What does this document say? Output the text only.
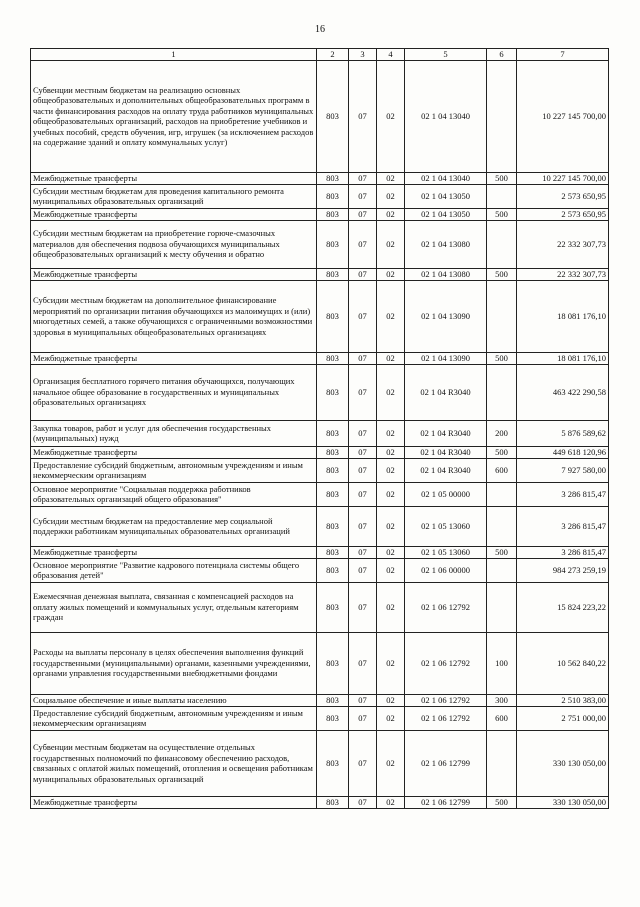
16
1	2	3	4	5	6	7
Субвенции местным бюджетам на реализацию основных общеобразовательных и дополнительных общеобразовательных программ в части финансирования расходов на оплату труда работников муниципальных общеобразовательных организаций, расходов на приобретение учебников и учебных пособий, средств обучения, игр, игрушек (за исключением расходов на содержание зданий и оплату коммунальных услуг)	803	07	02	02 1 04 13040		10 227 145 700,00
Межбюджетные трансферты	803	07	02	02 1 04 13040	500	10 227 145 700,00
Субсидии местным бюджетам для проведения капитального ремонта муниципальных образовательных организаций	803	07	02	02 1 04 13050		2 573 650,95
Межбюджетные трансферты	803	07	02	02 1 04 13050	500	2 573 650,95
Субсидии местным бюджетам на приобретение горюче-смазочных материалов для обеспечения подвоза обучающихся муниципальных общеобразовательных организаций к месту обучения и обратно	803	07	02	02 1 04 13080		22 332 307,73
Межбюджетные трансферты	803	07	02	02 1 04 13080	500	22 332 307,73
Субсидии местным бюджетам на дополнительное финансирование мероприятий по организации питания обучающихся из малоимущих и (или) многодетных семей, а также обучающихся с ограниченными возможностями здоровья в муниципальных общеобразовательных организациях	803	07	02	02 1 04 13090		18 081 176,10
Межбюджетные трансферты	803	07	02	02 1 04 13090	500	18 081 176,10
Организация бесплатного горячего питания обучающихся, получающих начальное общее образование в государственных и муниципальных образовательных организациях	803	07	02	02 1 04 R3040		463 422 290,58
Закупка товаров, работ и услуг для обеспечения государственных (муниципальных) нужд	803	07	02	02 1 04 R3040	200	5 876 589,62
Межбюджетные трансферты	803	07	02	02 1 04 R3040	500	449 618 120,96
Предоставление субсидий бюджетным, автономным учреждениям и иным некоммерческим организациям	803	07	02	02 1 04 R3040	600	7 927 580,00
Основное мероприятие "Социальная поддержка работников образовательных организаций общего образования"	803	07	02	02 1 05 00000		3 286 815,47
Субсидии местным бюджетам на предоставление мер социальной поддержки работникам муниципальных образовательных организаций	803	07	02	02 1 05 13060		3 286 815,47
Межбюджетные трансферты	803	07	02	02 1 05 13060	500	3 286 815,47
Основное мероприятие "Развитие кадрового потенциала системы общего образования детей"	803	07	02	02 1 06 00000		984 273 259,19
Ежемесячная денежная выплата, связанная с компенсацией расходов на оплату жилых помещений и коммунальных услуг, отдельным категориям граждан	803	07	02	02 1 06 12792		15 824 223,22
Расходы на выплаты персоналу в целях обеспечения выполнения функций государственными (муниципальными) органами, казенными учреждениями, органами управления государственными внебюджетными фондами	803	07	02	02 1 06 12792	100	10 562 840,22
Социальное обеспечение и иные выплаты населению	803	07	02	02 1 06 12792	300	2 510 383,00
Предоставление субсидий бюджетным, автономным учреждениям и иным некоммерческим организациям	803	07	02	02 1 06 12792	600	2 751 000,00
Субвенции местным бюджетам на осуществление отдельных государственных полномочий по финансовому обеспечению расходов, связанных с оплатой жилых помещений, отопления и освещения работникам муниципальных образовательных организаций	803	07	02	02 1 06 12799		330 130 050,00
Межбюджетные трансферты	803	07	02	02 1 06 12799	500	330 130 050,00
